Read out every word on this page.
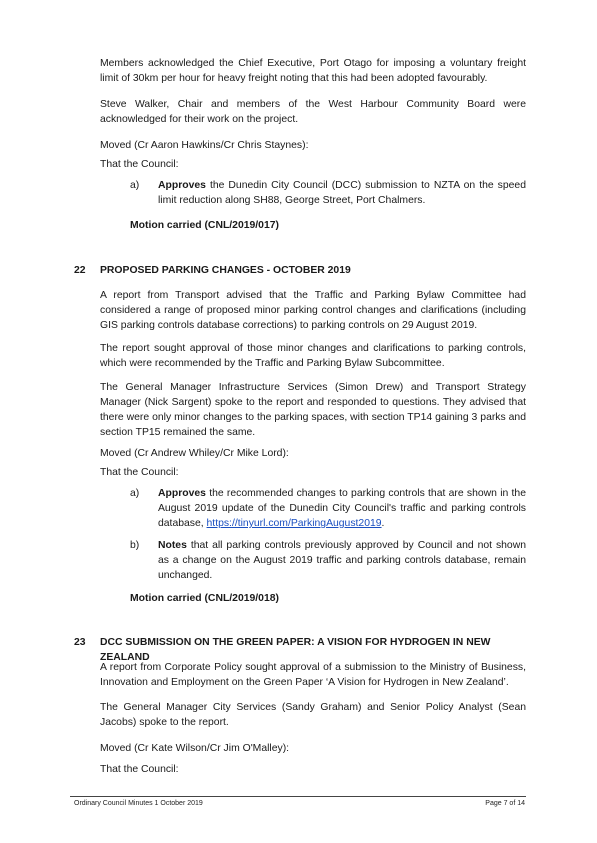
Members acknowledged the Chief Executive, Port Otago for imposing a voluntary freight limit of 30km per hour for heavy freight noting that this had been adopted favourably.

Steve Walker, Chair and members of the West Harbour Community Board were acknowledged for their work on the project.

Moved (Cr Aaron Hawkins/Cr Chris Staynes):

That the Council:

a)	Approves the Dunedin City Council (DCC) submission to NZTA on the speed limit reduction along SH88, George Street, Port Chalmers.

Motion carried (CNL/2019/017)

22 PROPOSED PARKING CHANGES - OCTOBER 2019

A report from Transport advised that the Traffic and Parking Bylaw Committee had considered a range of proposed minor parking control changes and clarifications (including GIS parking controls database corrections) to parking controls on 29 August 2019.

The report sought approval of those minor changes and clarifications to parking controls, which were recommended by the Traffic and Parking Bylaw Subcommittee.

The General Manager Infrastructure Services (Simon Drew) and Transport Strategy Manager (Nick Sargent) spoke to the report and responded to questions. They advised that there were only minor changes to the parking spaces, with section TP14 gaining 3 parks and section TP15 remained the same.

Moved (Cr Andrew Whiley/Cr Mike Lord):

That the Council:

a)	Approves the recommended changes to parking controls that are shown in the August 2019 update of the Dunedin City Council's traffic and parking controls database, https://tinyurl.com/ParkingAugust2019.
b)	Notes that all parking controls previously approved by Council and not shown as a change on the August 2019 traffic and parking controls database, remain unchanged.

Motion carried (CNL/2019/018)

23 DCC SUBMISSION ON THE GREEN PAPER: A VISION FOR HYDROGEN IN NEW ZEALAND

A report from Corporate Policy sought approval of a submission to the Ministry of Business, Innovation and Employment on the Green Paper ‘A Vision for Hydrogen in New Zealand’.

The General Manager City Services (Sandy Graham) and Senior Policy Analyst (Sean Jacobs) spoke to the report.

Moved (Cr Kate Wilson/Cr Jim O'Malley):

That the Council:

Ordinary Council Minutes 1 October 2019	Page 7 of 14
